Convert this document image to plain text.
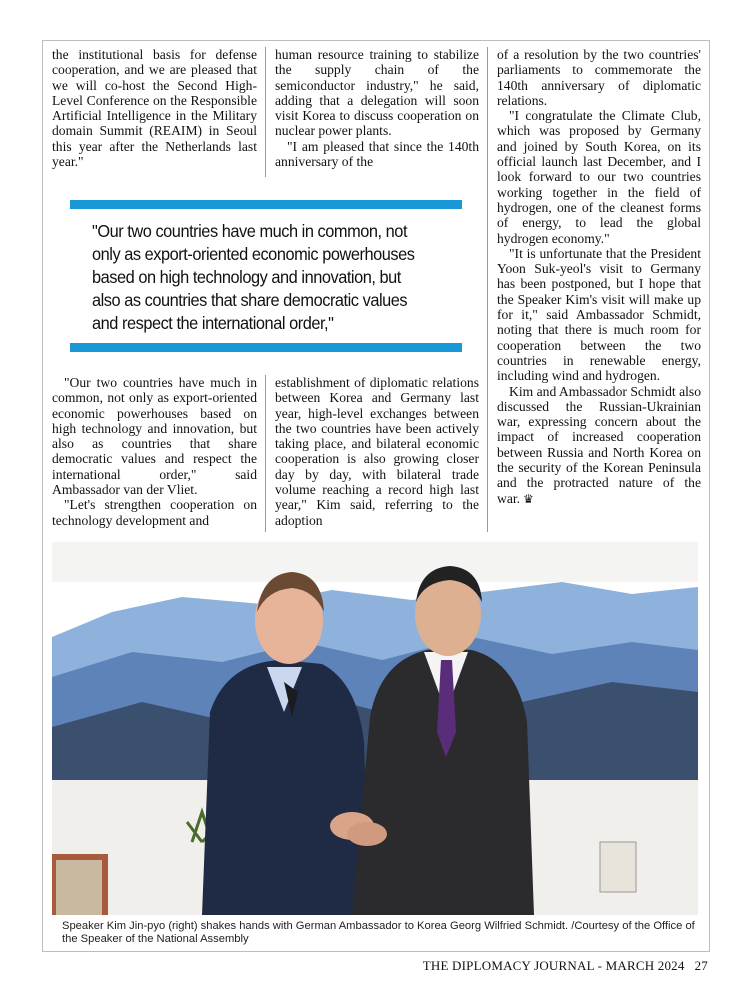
the institutional basis for defense cooperation, and we are pleased that we will co-host the Second High-Level Conference on the Responsible Artificial Intelligence in the Military domain Summit (REAIM) in Seoul this year after the Netherlands last year."

human resource training to stabilize the supply chain of the semiconductor industry," he said, adding that a delegation will soon visit Korea to discuss cooperation on nuclear power plants.

"I am pleased that since the 140th anniversary of the

of a resolution by the two countries' parliaments to commemorate the 140th anniversary of diplomatic relations.

"I congratulate the Climate Club, which was proposed by Germany and joined by South Korea, on its official launch last December, and I look forward to our two countries working together in the field of hydrogen, one of the cleanest forms of energy, to lead the global hydrogen economy."

"It is unfortunate that the President Yoon Suk-yeol's visit to Germany has been postponed, but I hope that the Speaker Kim's visit will make up for it," said Ambassador Schmidt, noting that there is much room for cooperation between the two countries in renewable energy, including wind and hydrogen.

Kim and Ambassador Schmidt also discussed the Russian-Ukrainian war, expressing concern about the impact of increased cooperation between Russia and North Korea on the security of the Korean Peninsula and the protracted nature of the war. ♛

"Our two countries have much in common, not only as export-oriented economic powerhouses based on high technology and innovation, but also as countries that share democratic values and respect the international order,"

"Our two countries have much in common, not only as export-oriented economic powerhouses based on high technology and innovation, but also as countries that share democratic values and respect the international order," said Ambassador van der Vliet.

"Let's strengthen cooperation on technology development and

establishment of diplomatic relations between Korea and Germany last year, high-level exchanges between the two countries have been actively taking place, and bilateral economic cooperation is also growing closer day by day, with bilateral trade volume reaching a record high last year," Kim said, referring to the adoption

Speaker Kim Jin-pyo (right) shakes hands with German Ambassador to Korea Georg Wilfried Schmidt. /Courtesy of the Office of the Speaker of the National Assembly
THE DIPLOMACY JOURNAL - MARCH 2024 27
